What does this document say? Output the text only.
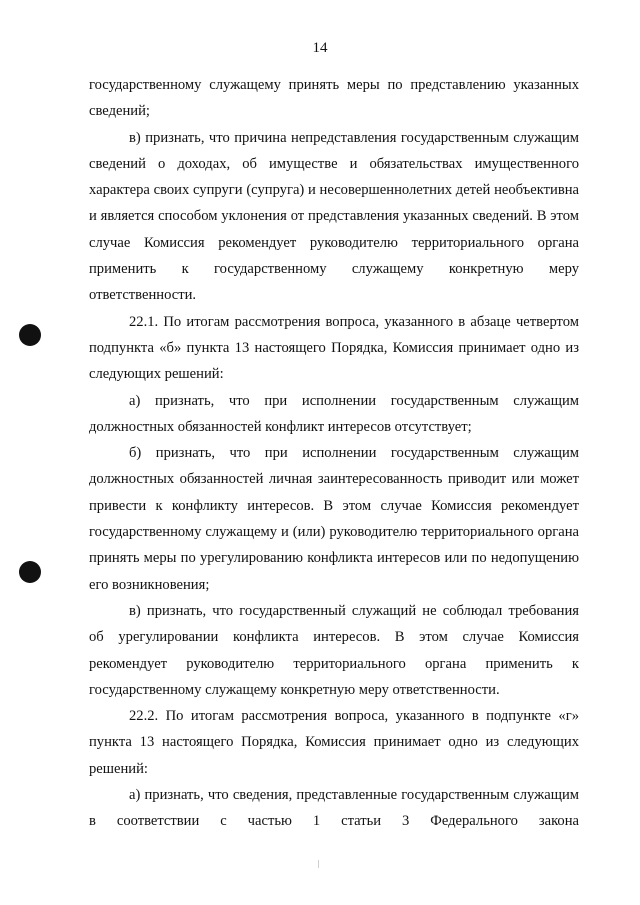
14

государственному служащему принять меры по представлению указанных сведений;

в) признать, что причина непредставления государственным служащим сведений о доходах, об имуществе и обязательствах имущественного характера своих супруги (супруга) и несовершеннолетних детей необъективна и является способом уклонения от представления указанных сведений. В этом случае Комиссия рекомендует руководителю территориального органа применить к государственному служащему конкретную меру ответственности.

22.1. По итогам рассмотрения вопроса, указанного в абзаце четвертом подпункта «б» пункта 13 настоящего Порядка, Комиссия принимает одно из следующих решений:

а) признать, что при исполнении государственным служащим должностных обязанностей конфликт интересов отсутствует;

б) признать, что при исполнении государственным служащим должностных обязанностей личная заинтересованность приводит или может привести к конфликту интересов. В этом случае Комиссия рекомендует государственному служащему и (или) руководителю территориального органа принять меры по урегулированию конфликта интересов или по недопущению его возникновения;

в) признать, что государственный служащий не соблюдал требования об урегулировании конфликта интересов. В этом случае Комиссия рекомендует руководителю территориального органа применить к государственному служащему конкретную меру ответственности.

22.2. По итогам рассмотрения вопроса, указанного в подпункте «г» пункта 13 настоящего Порядка, Комиссия принимает одно из следующих решений:

а) признать, что сведения, представленные государственным служащим в соответствии с частью 1 статьи 3 Федерального закона
